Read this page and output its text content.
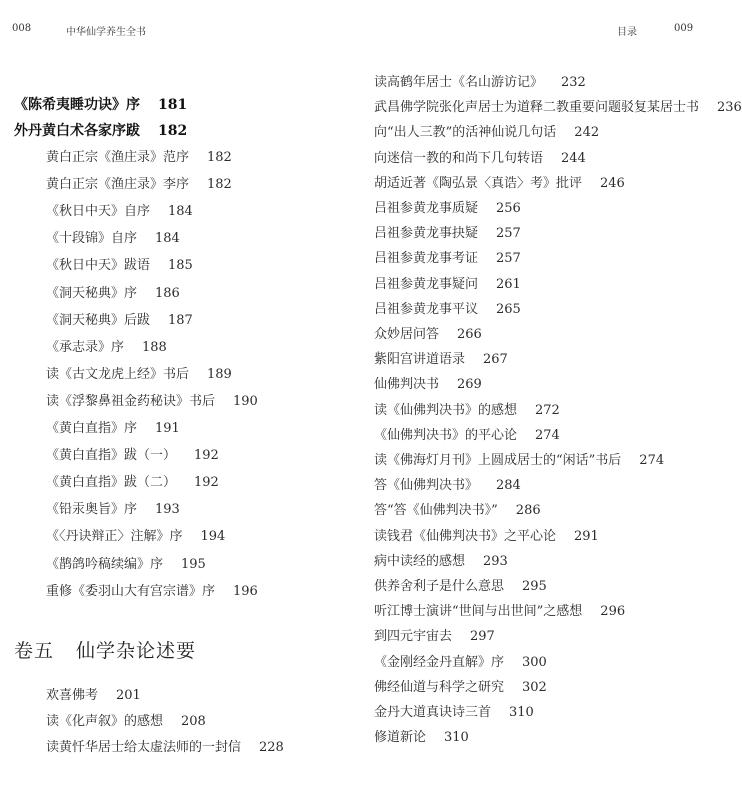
008	中华仙学养生全书	目录	009
《陈希夷睡功诀》序 181
外丹黄白术各家序跋 182
黄白正宗《渔庄录》范序 182
黄白正宗《渔庄录》李序 182
《秋日中天》自序 184
《十段锦》自序 184
《秋日中天》跋语 185
《洞天秘典》序 186
《洞天秘典》后跋 187
《承志录》序 188
读《古文龙虎上经》书后 189
读《浮黎鼻祖金药秘诀》书后 190
《黄白直指》序 191
《黄白直指》跋（一） 192
《黄白直指》跋（二） 192
《铅汞奥旨》序 193
《〈丹诀辩正〉注解》序 194
《鹊鸽吟稿续编》序 195
重修《委羽山大有宫宗谱》序 196
卷五 仙学杂论述要
欢喜佛考 201
读《化声叙》的感想 208
读黄忏华居士给太虚法师的一封信 228
读高鹤年居士《名山游访记》 232
武昌佛学院张化声居士为道释二教重要问题驳复某居士书 236
向“出人三教”的活神仙说几句话 242
向迷信一教的和尚下几句转语 244
胡适近著《陶弘景〈真诰〉考》批评 246
吕祖参黄龙事质疑 256
吕祖参黄龙事抉疑 257
吕祖参黄龙事考证 257
吕祖参黄龙事疑问 261
吕祖参黄龙事平议 265
众妙居问答 266
紫阳宫讲道语录 267
仙佛判决书 269
读《仙佛判决书》的感想 272
《仙佛判决书》的平心论 274
读《佛海灯月刊》上圆成居士的“闲话”书后 274
答《仙佛判决书》 284
答“答《仙佛判决书》” 286
读钱君《仙佛判决书》之平心论 291
病中读经的感想 293
供养舍利子是什么意思 295
听江博士演讲“世间与出世间”之感想 296
到四元宇宙去 297
《金刚经金丹直解》序 300
佛经仙道与科学之研究 302
金丹大道真诀诗三首 310
修道新论 310
